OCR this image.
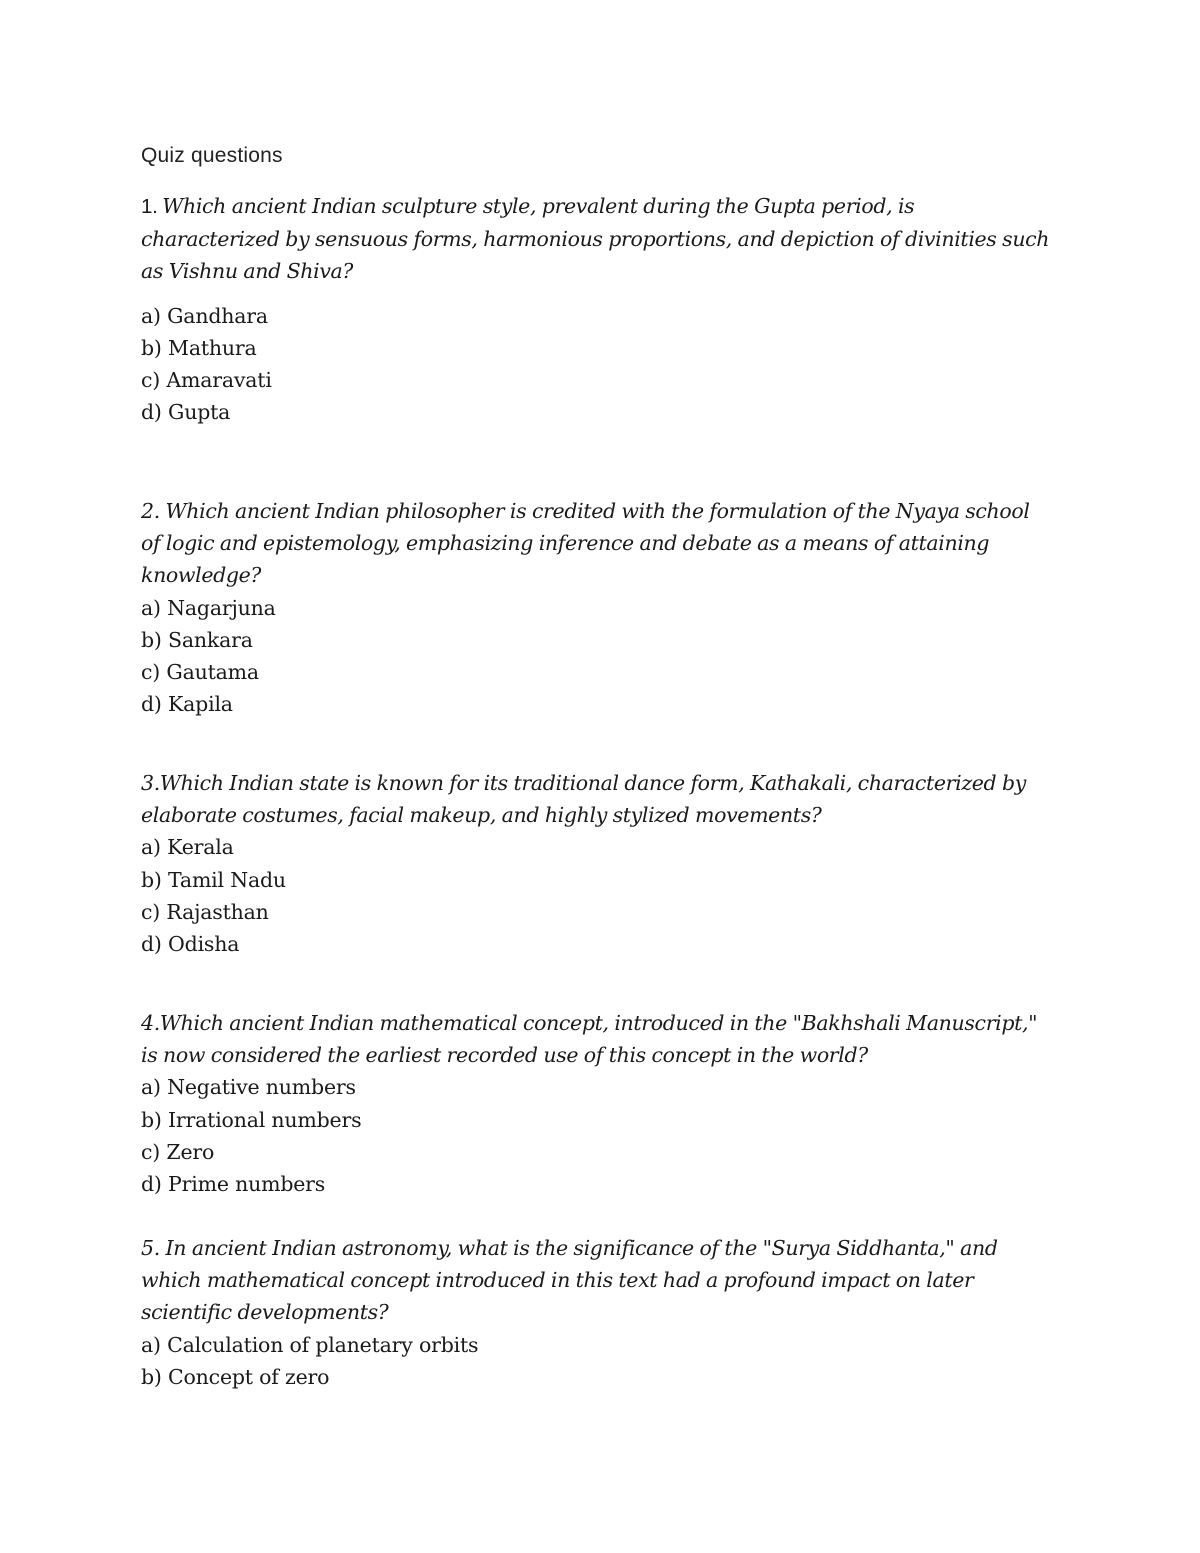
Quiz questions

1. Which ancient Indian sculpture style, prevalent during the Gupta period, is characterized by sensuous forms, harmonious proportions, and depiction of divinities such as Vishnu and Shiva?

a) Gandhara
b) Mathura
c) Amaravati
d) Gupta

2. Which ancient Indian philosopher is credited with the formulation of the Nyaya school of logic and epistemology, emphasizing inference and debate as a means of attaining knowledge?

a) Nagarjuna
b) Sankara
c) Gautama
d) Kapila

3.Which Indian state is known for its traditional dance form, Kathakali, characterized by elaborate costumes, facial makeup, and highly stylized movements?

a) Kerala
b) Tamil Nadu
c) Rajasthan
d) Odisha

4.Which ancient Indian mathematical concept, introduced in the "Bakhshali Manuscript," is now considered the earliest recorded use of this concept in the world?

a) Negative numbers
b) Irrational numbers
c) Zero
d) Prime numbers

5. In ancient Indian astronomy, what is the significance of the "Surya Siddhanta," and which mathematical concept introduced in this text had a profound impact on later scientific developments?

a) Calculation of planetary orbits
b) Concept of zero
